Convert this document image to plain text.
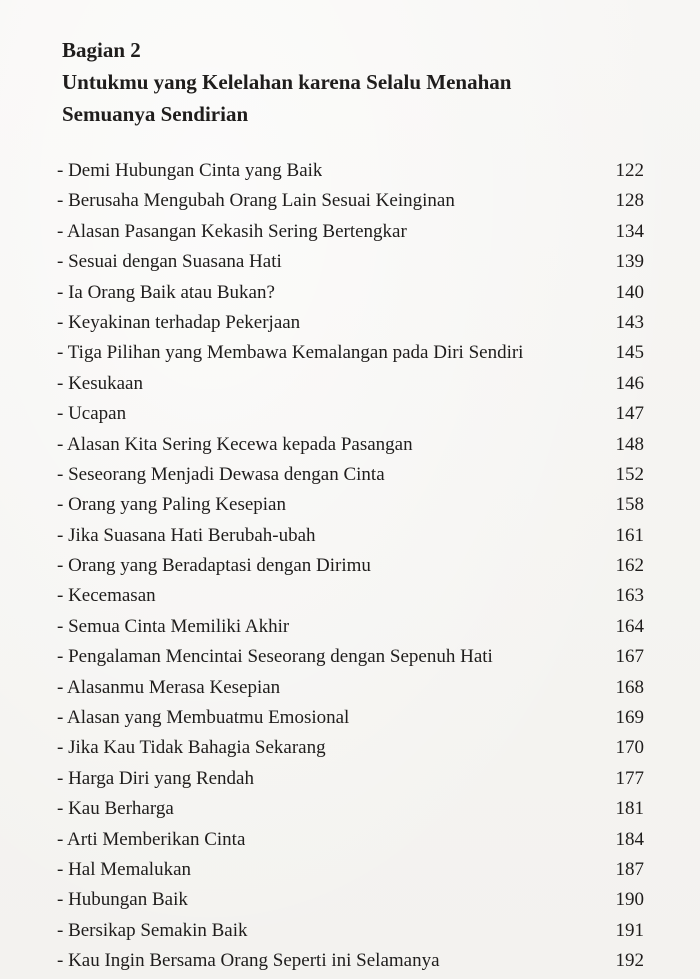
Bagian 2

Untukmu yang Kelelahan karena Selalu Menahan

Semuanya Sendirian

- Demi Hubungan Cinta yang Baik	122
- Berusaha Mengubah Orang Lain Sesuai Keinginan	128
- Alasan Pasangan Kekasih Sering Bertengkar	134
- Sesuai dengan Suasana Hati	139
- Ia Orang Baik atau Bukan?	140
- Keyakinan terhadap Pekerjaan	143
- Tiga Pilihan yang Membawa Kemalangan pada Diri Sendiri	145
- Kesukaan	146
- Ucapan	147
- Alasan Kita Sering Kecewa kepada Pasangan	148
- Seseorang Menjadi Dewasa dengan Cinta	152
- Orang yang Paling Kesepian	158
- Jika Suasana Hati Berubah-ubah	161
- Orang yang Beradaptasi dengan Dirimu	162
- Kecemasan	163
- Semua Cinta Memiliki Akhir	164
- Pengalaman Mencintai Seseorang dengan Sepenuh Hati	167
- Alasanmu Merasa Kesepian	168
- Alasan yang Membuatmu Emosional	169
- Jika Kau Tidak Bahagia Sekarang	170
- Harga Diri yang Rendah	177
- Kau Berharga	181
- Arti Memberikan Cinta	184
- Hal Memalukan	187
- Hubungan Baik	190
- Bersikap Semakin Baik	191
- Kau Ingin Bersama Orang Seperti ini Selamanya	192
